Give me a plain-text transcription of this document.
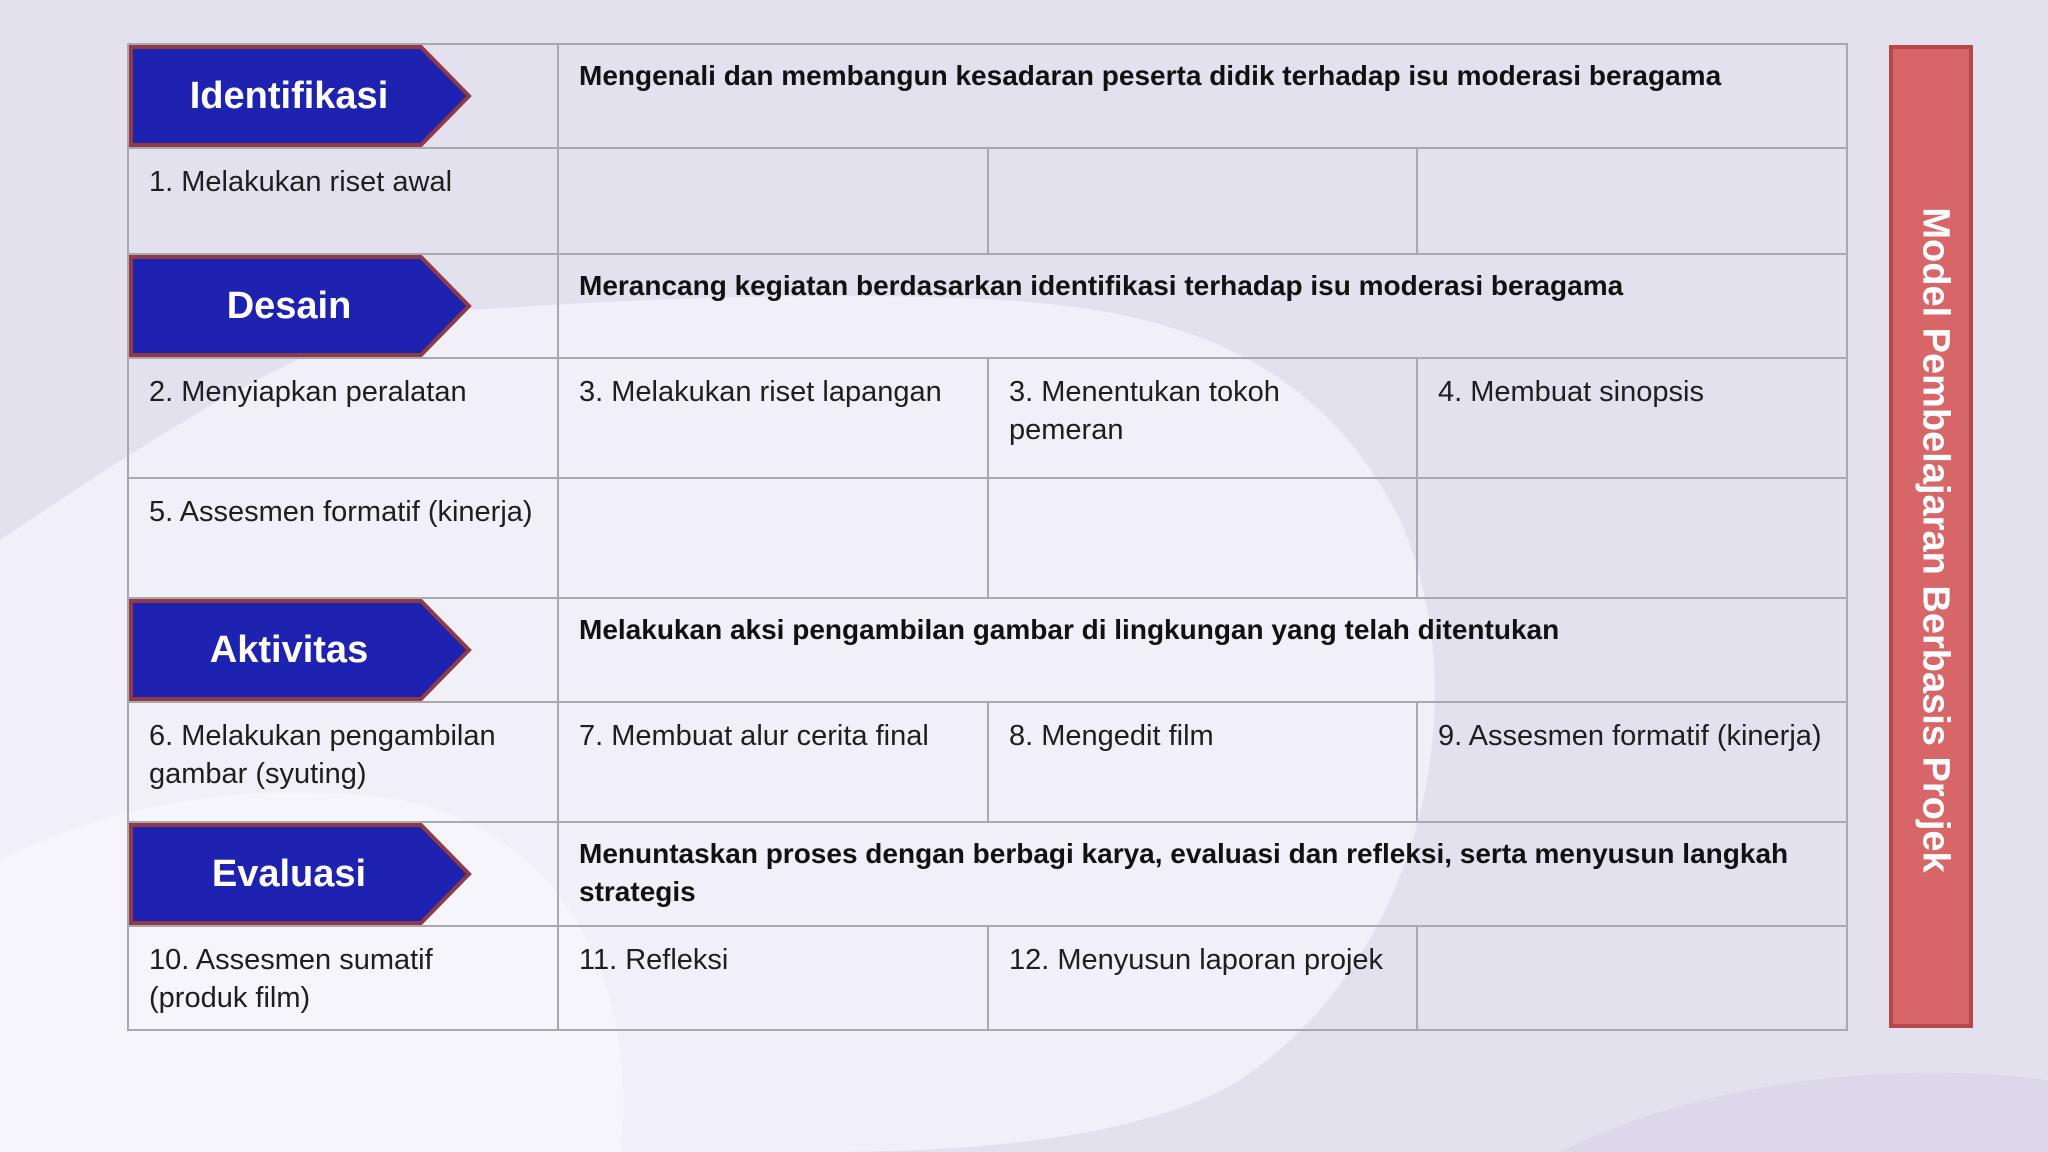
Identifikasi	Mengenali dan membangun kesadaran peserta didik terhadap isu moderasi beragama		

1. Melakukan riset awal			

Desain	Merancang kegiatan berdasarkan identifikasi terhadap isu moderasi beragama		

2. Menyiapkan peralatan	3. Melakukan riset lapangan	3. Menentukan tokoh pemeran	4. Membuat sinopsis
5. Assesmen formatif (kinerja)			

Aktivitas	Melakukan aksi pengambilan gambar di lingkungan yang telah ditentukan		

6. Melakukan pengambilan gambar (syuting)	7. Membuat alur cerita final	8. Mengedit film	9. Assesmen formatif (kinerja)

Evaluasi	Menuntaskan proses dengan berbagi karya, evaluasi dan refleksi, serta menyusun langkah strategis		

10. Assesmen sumatif (produk film)	11. Refleksi	12. Menyusun laporan projek	
Model Pembelajaran Berbasis Projek
